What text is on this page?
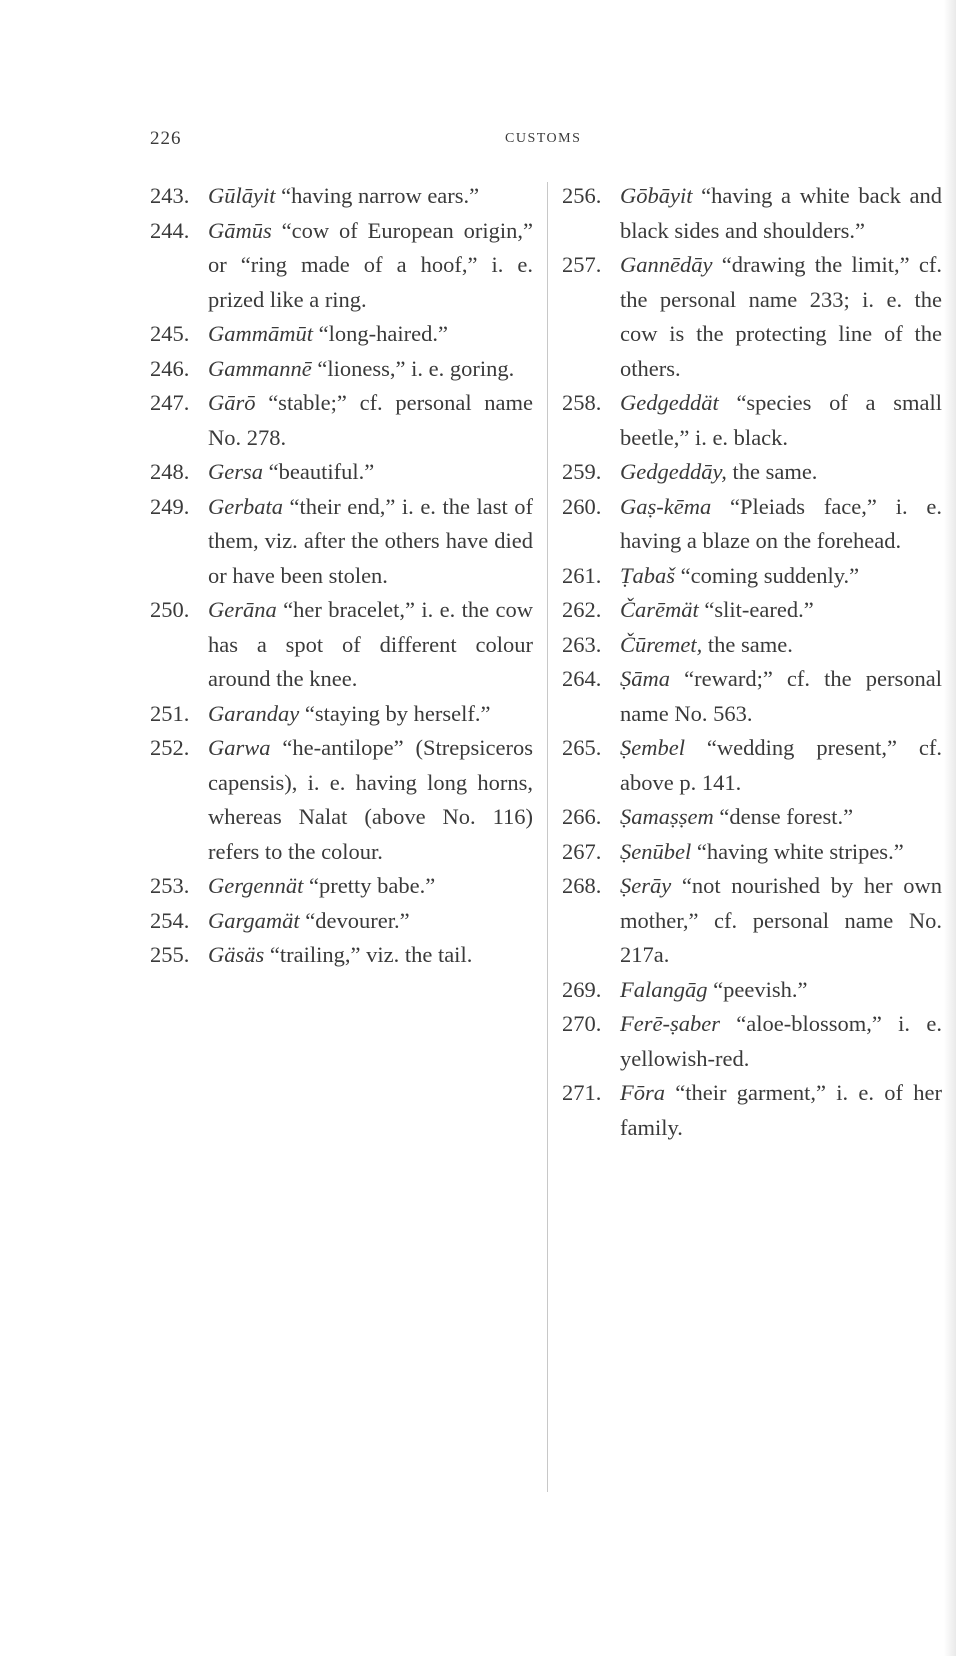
226	CUSTOMS
243. Gūlāyit “having narrow ears.”
244. Gāmūs “cow of European origin,” or “ring made of a hoof,” i. e. prized like a ring.
245. Gammāmūt “long-haired.”
246. Gammannē “lioness,” i. e. goring.
247. Gārō “stable;” cf. personal name No. 278.
248. Gersa “beautiful.”
249. Gerbata “their end,” i. e. the last of them, viz. after the others have died or have been stolen.
250. Gerāna “her bracelet,” i. e. the cow has a spot of different colour around the knee.
251. Garanday “staying by herself.”
252. Garwa “he-antilope” (Strepsiceros capensis), i. e. having long horns, whereas Nalat (above No. 116) refers to the colour.
253. Gergennät “pretty babe.”
254. Gargamät “devourer.”
255. Gäsäs “trailing,” viz. the tail.
256. Gōbāyit “having a white back and black sides and shoulders.”
257. Gannēdāy “drawing the limit,” cf. the personal name 233; i. e. the cow is the protecting line of the others.
258. Gedgeddät “species of a small beetle,” i. e. black.
259. Gedgeddāy, the same.
260. Gaṣ-kēma “Pleiads face,” i. e. having a blaze on the forehead.
261. Ṭabaš “coming suddenly.”
262. Čarēmät “slit-eared.”
263. Čūremet, the same.
264. Ṣāma “reward;” cf. the personal name No. 563.
265. Ṣembel “wedding present,” cf. above p. 141.
266. Ṣamaṣṣem “dense forest.”
267. Ṣenūbel “having white stripes.”
268. Ṣerāy “not nourished by her own mother,” cf. personal name No. 217a.
269. Falangāg “peevish.”
270. Ferē-ṣaber “aloe-blossom,” i. e. yellowish-red.
271. Fōra “their garment,” i. e. of her family.
